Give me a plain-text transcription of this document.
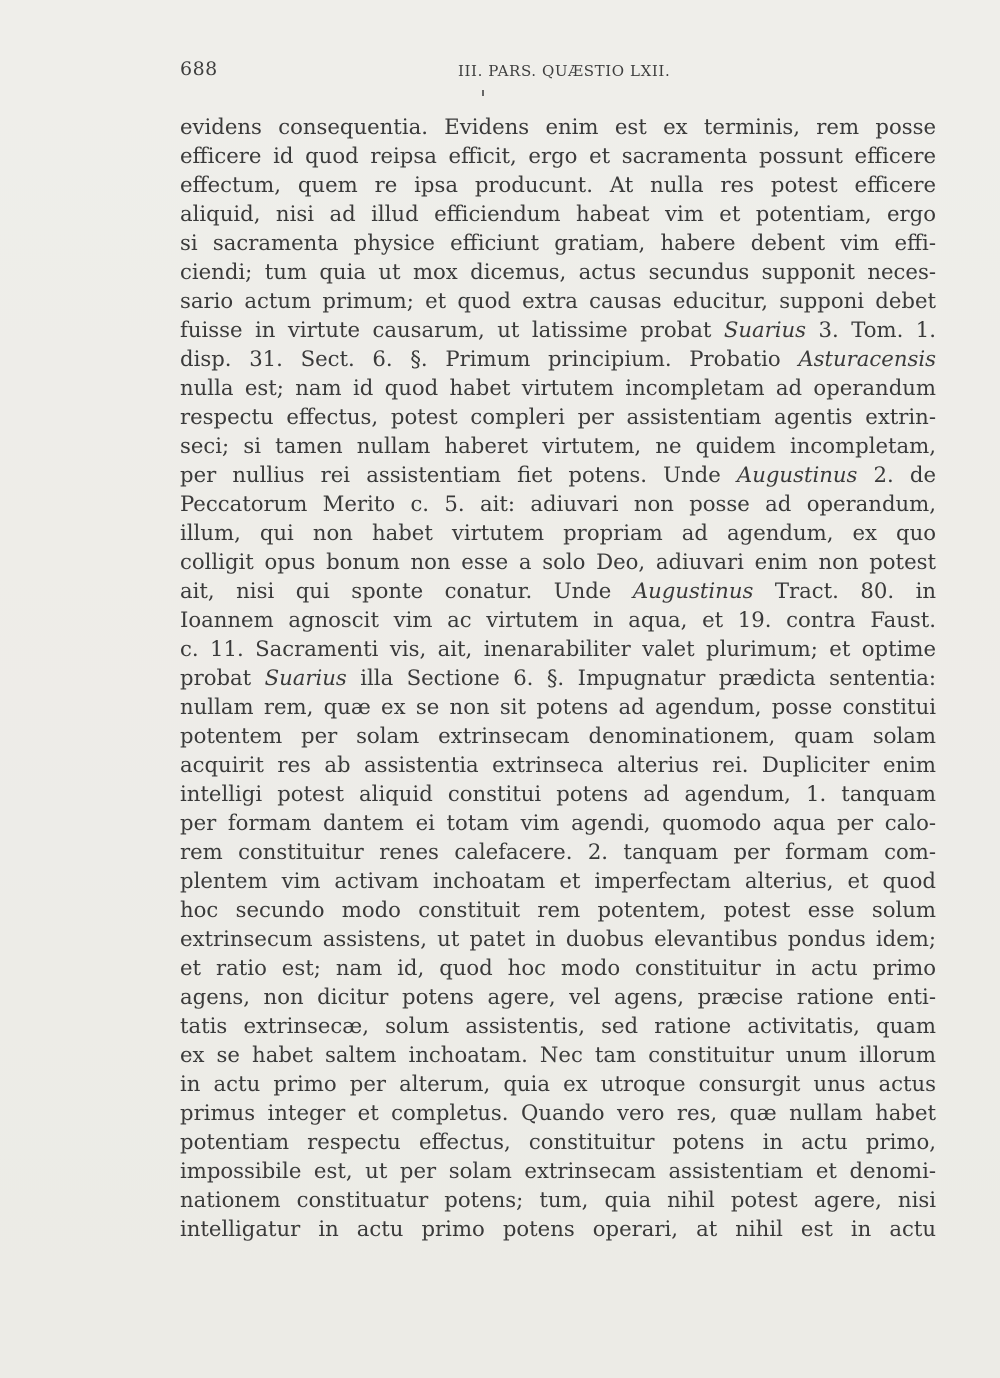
688	III. PARS. QUÆSTIO LXII.
evidens consequentia. Evidens enim est ex terminis, rem posse
efficere id quod reipsa efficit, ergo et sacramenta possunt efficere
effectum, quem re ipsa producunt. At nulla res potest efficere
aliquid, nisi ad illud efficiendum habeat vim et potentiam, ergo
si sacramenta physice efficiunt gratiam, habere debent vim effi-
ciendi; tum quia ut mox dicemus, actus secundus supponit neces-
sario actum primum; et quod extra causas educitur, supponi debet
fuisse in virtute causarum, ut latissime probat Suarius 3. Tom. 1.
disp. 31. Sect. 6. §. Primum principium. Probatio Asturacensis
nulla est; nam id quod habet virtutem incompletam ad operandum
respectu effectus, potest compleri per assistentiam agentis extrin-
seci; si tamen nullam haberet virtutem, ne quidem incompletam,
per nullius rei assistentiam fiet potens. Unde Augustinus 2. de
Peccatorum Merito c. 5. ait: adiuvari non posse ad operandum,
illum, qui non habet virtutem propriam ad agendum, ex quo
colligit opus bonum non esse a solo Deo, adiuvari enim non potest
ait, nisi qui sponte conatur. Unde Augustinus Tract. 80. in
Ioannem agnoscit vim ac virtutem in aqua, et 19. contra Faust.
c. 11. Sacramenti vis, ait, inenarabiliter valet plurimum; et optime
probat Suarius illa Sectione 6. §. Impugnatur prædicta sententia:
nullam rem, quæ ex se non sit potens ad agendum, posse constitui
potentem per solam extrinsecam denominationem, quam solam
acquirit res ab assistentia extrinseca alterius rei. Dupliciter enim
intelligi potest aliquid constitui potens ad agendum, 1. tanquam
per formam dantem ei totam vim agendi, quomodo aqua per calo-
rem constituitur renes calefacere. 2. tanquam per formam com-
plentem vim activam inchoatam et imperfectam alterius, et quod
hoc secundo modo constituit rem potentem, potest esse solum
extrinsecum assistens, ut patet in duobus elevantibus pondus idem;
et ratio est; nam id, quod hoc modo constituitur in actu primo
agens, non dicitur potens agere, vel agens, præcise ratione enti-
tatis extrinsecæ, solum assistentis, sed ratione activitatis, quam
ex se habet saltem inchoatam. Nec tam constituitur unum illorum
in actu primo per alterum, quia ex utroque consurgit unus actus
primus integer et completus. Quando vero res, quæ nullam habet
potentiam respectu effectus, constituitur potens in actu primo,
impossibile est, ut per solam extrinsecam assistentiam et denomi-
nationem constituatur potens; tum, quia nihil potest agere, nisi
intelligatur in actu primo potens operari, at nihil est in actu
